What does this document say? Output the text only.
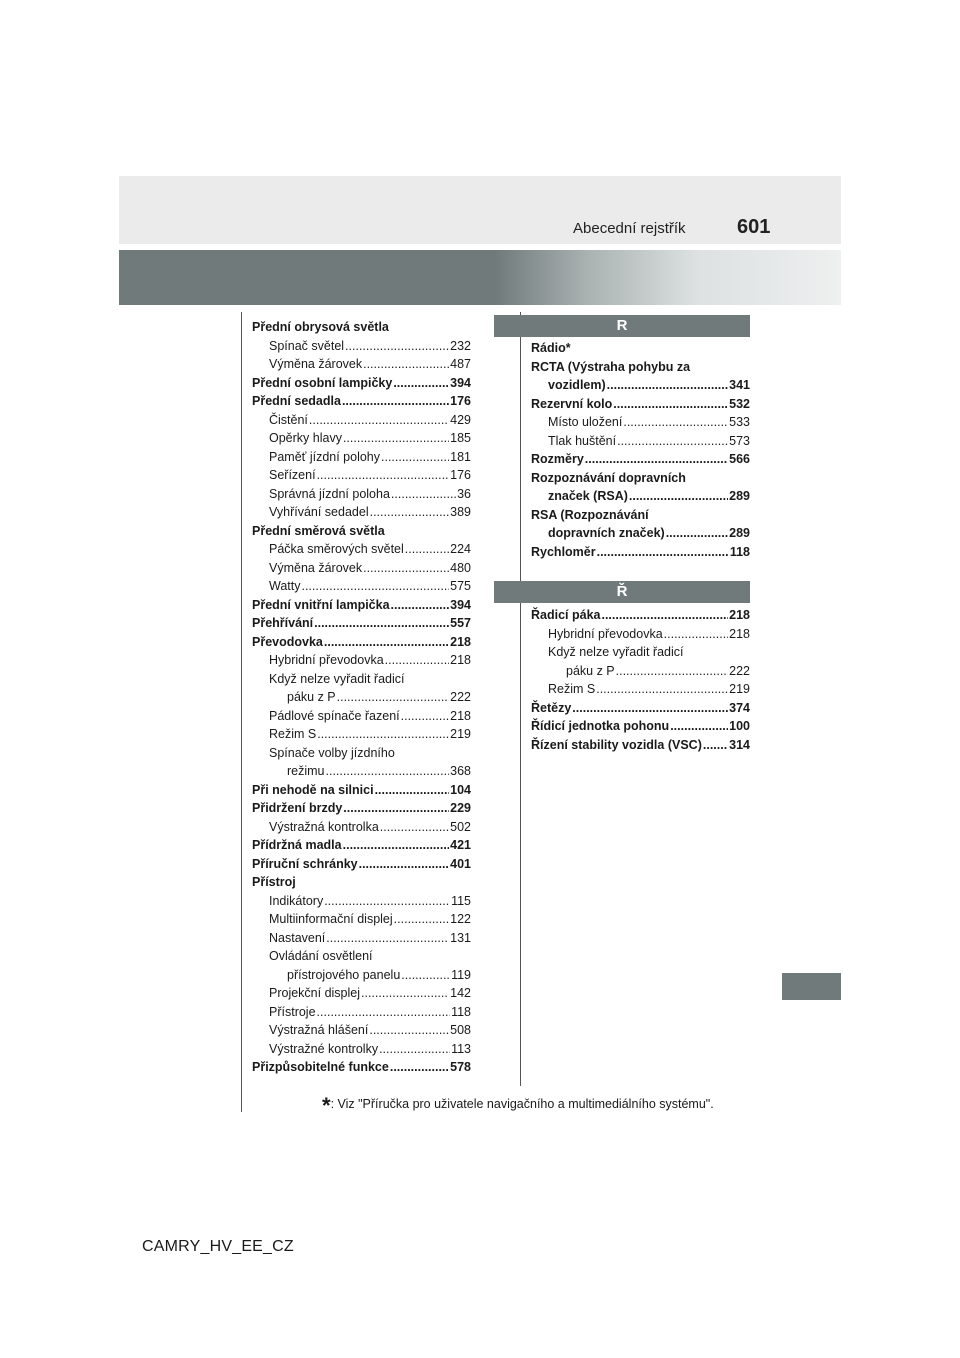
Abecední rejstřík	601
Přední obrysová světla
Spínač světel .....	232
Výměna žárovek .....	487
Přední osobní lampičky .....	394
Přední sedadla .....	176
Čistění .....	429
Opěrky hlavy .....	185
Paměť jízdní polohy .....	181
Seřízení .....	176
Správná jízdní poloha .....	36
Vyhřívání sedadel .....	389
Přední směrová světla
Páčka směrových světel .....	224
Výměna žárovek .....	480
Watty .....	575
Přední vnitřní lampička .....	394
Přehřívání .....	557
Převodovka .....	218
Hybridní převodovka .....	218
Když nelze vyřadit řadicí
páku z P .....	222
Pádlové spínače řazení .....	218
Režim S .....	219
Spínače volby jízdního
režimu .....	368
Při nehodě na silnici .....	104
Přidržení brzdy .....	229
Výstražná kontrolka .....	502
Přídržná madla .....	421
Příruční schránky .....	401
Přístroj
Indikátory .....	115
Multiinformační displej .....	122
Nastavení .....	131
Ovládání osvětlení
přístrojového panelu .....	119
Projekční displej .....	142
Přístroje .....	118
Výstražná hlášení .....	508
Výstražné kontrolky .....	113
Přizpůsobitelné funkce .....	578
R
Rádio*
RCTA (Výstraha pohybu za
vozidlem) .....	341
Rezervní kolo .....	532
Místo uložení .....	533
Tlak huštění .....	573
Rozměry .....	566
Rozpoznávání dopravních
značek (RSA) .....	289
RSA (Rozpoznávání
dopravních značek) .....	289
Rychloměr .....	118
Ř
Řadicí páka .....	218
Hybridní převodovka .....	218
Když nelze vyřadit řadicí
páku z P .....	222
Režim S .....	219
Řetězy .....	374
Řídicí jednotka pohonu .....	100
Řízení stability vozidla (VSC) ..... 314
*: Viz "Příručka pro uživatele navigačního a multimediálního systému".
CAMRY_HV_EE_CZ
